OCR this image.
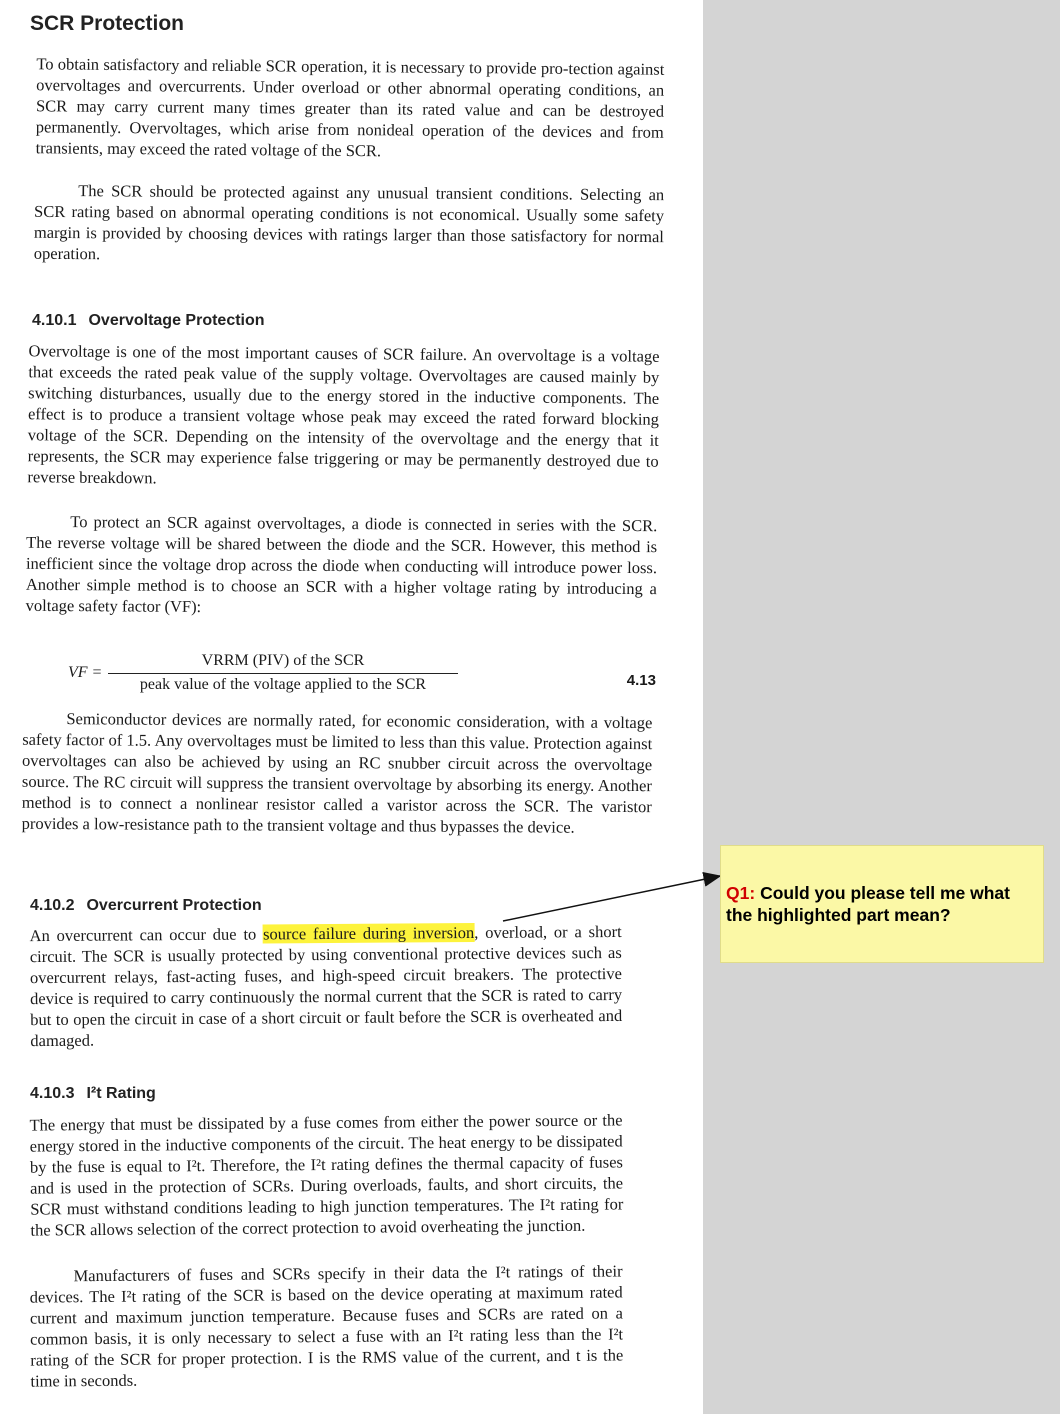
SCR Protection

To obtain satisfactory and reliable SCR operation, it is necessary to provide pro-tection against overvoltages and overcurrents. Under overload or other abnormal operating conditions, an SCR may carry current many times greater than its rated value and can be destroyed permanently. Overvoltages, which arise from nonideal operation of the devices and from transients, may exceed the rated voltage of the SCR.

The SCR should be protected against any unusual transient conditions. Selecting an SCR rating based on abnormal operating conditions is not economical. Usually some safety margin is provided by choosing devices with ratings larger than those satisfactory for normal operation.

4.10.1 Overvoltage Protection

Overvoltage is one of the most important causes of SCR failure. An overvoltage is a voltage that exceeds the rated peak value of the supply voltage. Overvoltages are caused mainly by switching disturbances, usually due to the energy stored in the inductive components. The effect is to produce a transient voltage whose peak may exceed the rated forward blocking voltage of the SCR. Depending on the intensity of the overvoltage and the energy that it represents, the SCR may experience false triggering or may be permanently destroyed due to reverse breakdown.

To protect an SCR against overvoltages, a diode is connected in series with the SCR. The reverse voltage will be shared between the diode and the SCR. However, this method is inefficient since the voltage drop across the diode when conducting will introduce power loss. Another simple method is to choose an SCR with a higher voltage rating by introducing a voltage safety factor (VF):

VF =
VRRM (PIV) of the SCR
peak value of the voltage applied to the SCR	4.13

Semiconductor devices are normally rated, for economic consideration, with a voltage safety factor of 1.5. Any overvoltages must be limited to less than this value. Protection against overvoltages can also be achieved by using an RC snubber circuit across the overvoltage source. The RC circuit will suppress the transient overvoltage by absorbing its energy. Another method is to connect a nonlinear resistor called a varistor across the SCR. The varistor provides a low-resistance path to the transient voltage and thus bypasses the device.

4.10.2 Overcurrent Protection

An overcurrent can occur due to source failure during inversion, overload, or a short circuit. The SCR is usually protected by using conventional protective devices such as overcurrent relays, fast-acting fuses, and high-speed circuit breakers. The protective device is required to carry continuously the normal current that the SCR is rated to carry but to open the circuit in case of a short circuit or fault before the SCR is overheated and damaged.

4.10.3 I²t Rating

The energy that must be dissipated by a fuse comes from either the power source or the energy stored in the inductive components of the circuit. The heat energy to be dissipated by the fuse is equal to I²t. Therefore, the I²t rating defines the thermal capacity of fuses and is used in the protection of SCRs. During overloads, faults, and short circuits, the SCR must withstand conditions leading to high junction temperatures. The I²t rating for the SCR allows selection of the correct protection to avoid overheating the junction.

Manufacturers of fuses and SCRs specify in their data the I²t ratings of their devices. The I²t rating of the SCR is based on the device operating at maximum rated current and maximum junction temperature. Because fuses and SCRs are rated on a common basis, it is only necessary to select a fuse with an I²t rating less than the I²t rating of the SCR for proper protection. I is the RMS value of the current, and t is the time in seconds.

Q1: Could you please tell me what the highlighted part mean?
